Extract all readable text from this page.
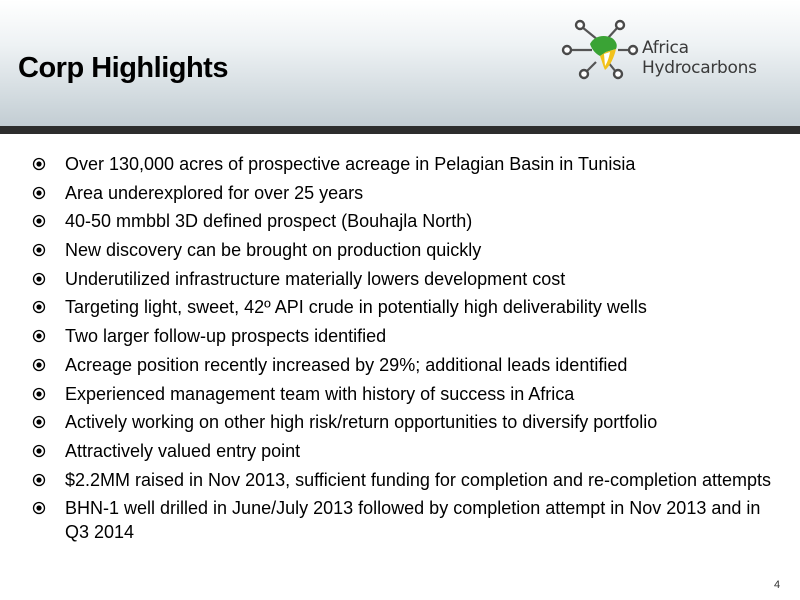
Corp Highlights
Africa Hydrocarbons
Over 130,000 acres of prospective acreage in Pelagian Basin in Tunisia
Area underexplored for over 25 years
40-50 mmbbl 3D defined prospect (Bouhajla North)
New discovery can be brought on production quickly
Underutilized infrastructure materially lowers development cost
Targeting light, sweet, 42º API crude in potentially high deliverability wells
Two larger follow-up prospects identified
Acreage position recently increased by 29%; additional leads identified
Experienced management team with history of success in Africa
Actively working on other high risk/return opportunities to diversify portfolio
Attractively valued entry point
$2.2MM raised in Nov 2013, sufficient funding for completion and re-completion attempts
BHN-1 well drilled in June/July 2013 followed by completion attempt in Nov 2013 and in Q3 2014
4
